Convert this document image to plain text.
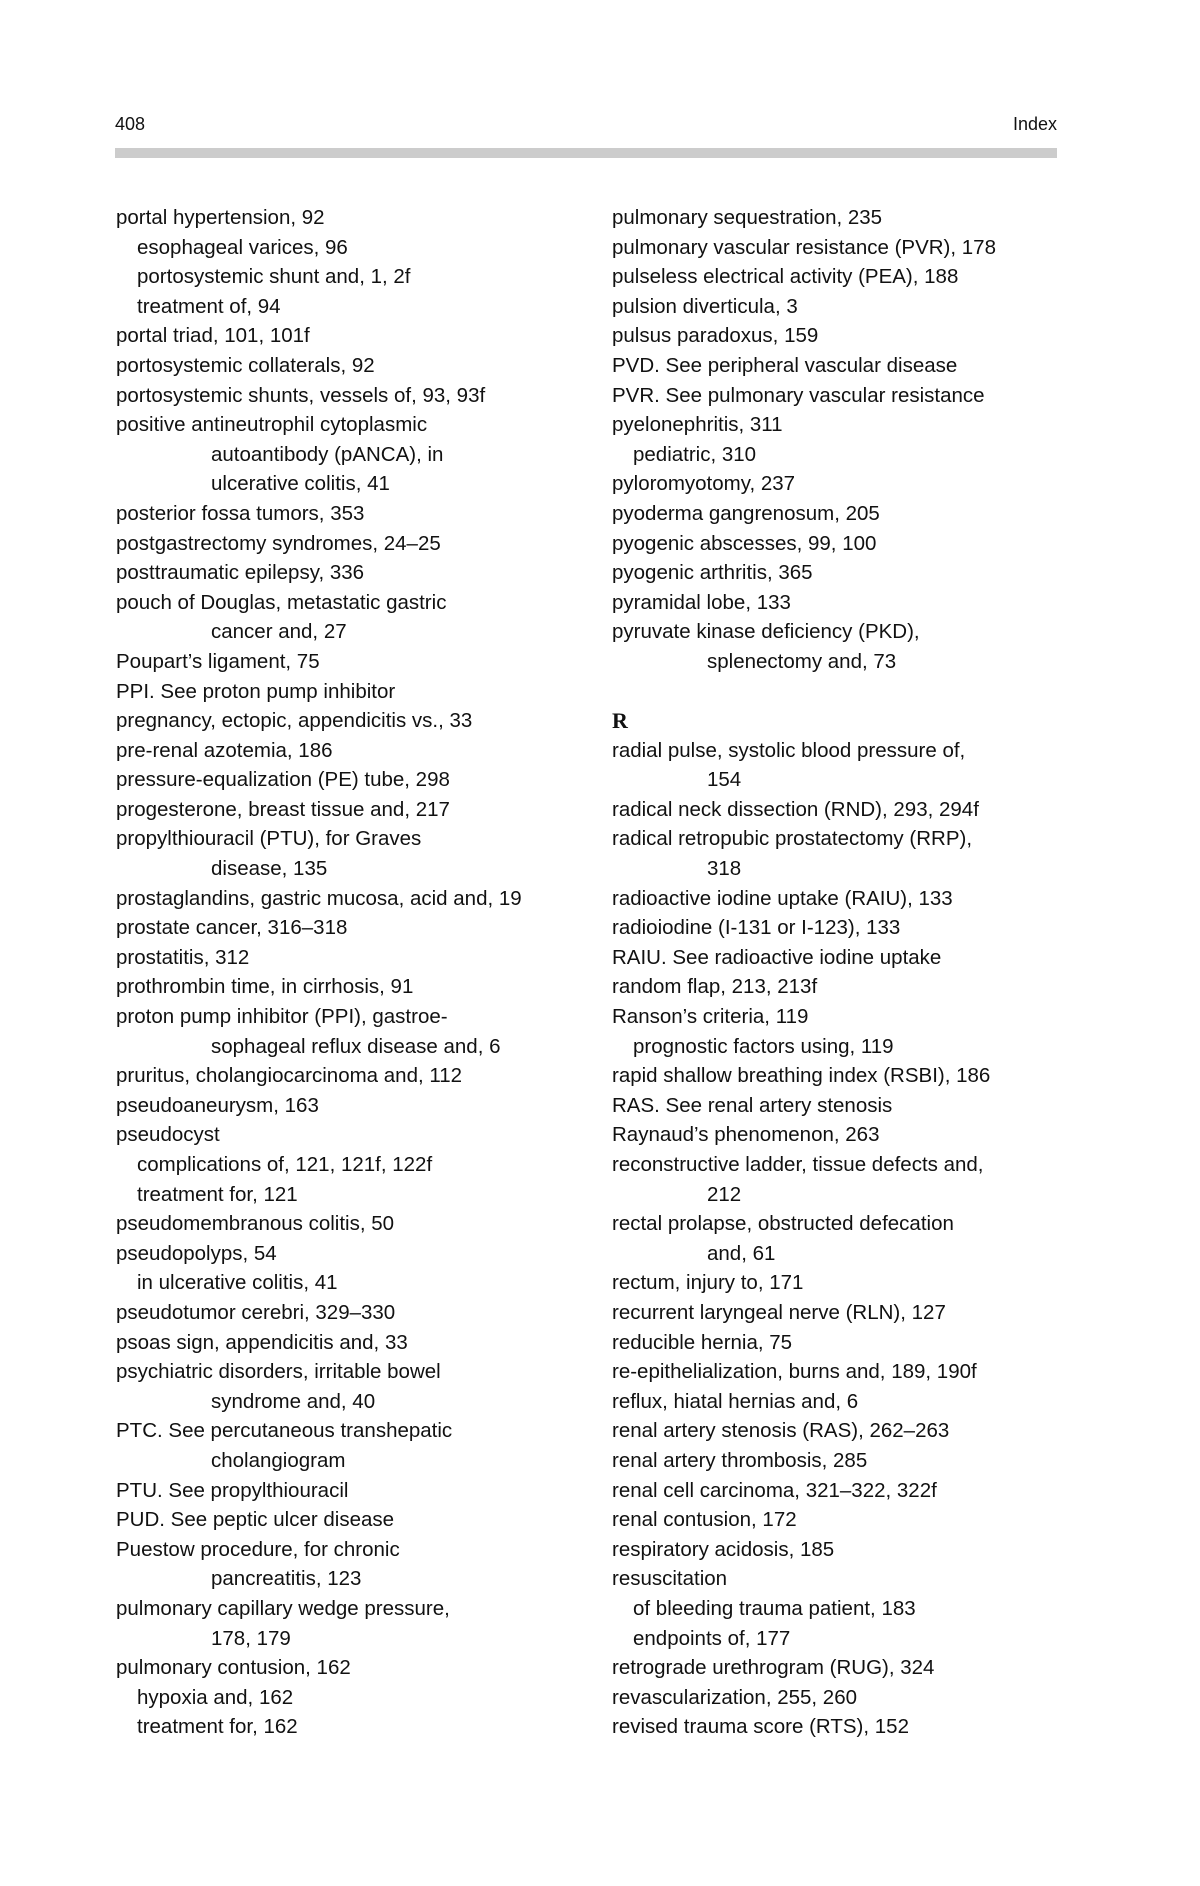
408	Index
portal hypertension, 92
esophageal varices, 96
portosystemic shunt and, 1, 2f
treatment of, 94
portal triad, 101, 101f
portosystemic collaterals, 92
portosystemic shunts, vessels of, 93, 93f
positive antineutrophil cytoplasmic
autoantibody (pANCA), in
ulcerative colitis, 41
posterior fossa tumors, 353
postgastrectomy syndromes, 24–25
posttraumatic epilepsy, 336
pouch of Douglas, metastatic gastric
cancer and, 27
Poupart’s ligament, 75
PPI. See proton pump inhibitor
pregnancy, ectopic, appendicitis vs., 33
pre-renal azotemia, 186
pressure-equalization (PE) tube, 298
progesterone, breast tissue and, 217
propylthiouracil (PTU), for Graves
disease, 135
prostaglandins, gastric mucosa, acid and, 19
prostate cancer, 316–318
prostatitis, 312
prothrombin time, in cirrhosis, 91
proton pump inhibitor (PPI), gastroe-
sophageal reflux disease and, 6
pruritus, cholangiocarcinoma and, 112
pseudoaneurysm, 163
pseudocyst
complications of, 121, 121f, 122f
treatment for, 121
pseudomembranous colitis, 50
pseudopolyps, 54
in ulcerative colitis, 41
pseudotumor cerebri, 329–330
psoas sign, appendicitis and, 33
psychiatric disorders, irritable bowel
syndrome and, 40
PTC. See percutaneous transhepatic
cholangiogram
PTU. See propylthiouracil
PUD. See peptic ulcer disease
Puestow procedure, for chronic
pancreatitis, 123
pulmonary capillary wedge pressure,
178, 179
pulmonary contusion, 162
hypoxia and, 162
treatment for, 162
pulmonary sequestration, 235
pulmonary vascular resistance (PVR), 178
pulseless electrical activity (PEA), 188
pulsion diverticula, 3
pulsus paradoxus, 159
PVD. See peripheral vascular disease
PVR. See pulmonary vascular resistance
pyelonephritis, 311
pediatric, 310
pyloromyotomy, 237
pyoderma gangrenosum, 205
pyogenic abscesses, 99, 100
pyogenic arthritis, 365
pyramidal lobe, 133
pyruvate kinase deficiency (PKD),
splenectomy and, 73
R
radial pulse, systolic blood pressure of,
154
radical neck dissection (RND), 293, 294f
radical retropubic prostatectomy (RRP),
318
radioactive iodine uptake (RAIU), 133
radioiodine (I-131 or I-123), 133
RAIU. See radioactive iodine uptake
random flap, 213, 213f
Ranson’s criteria, 119
prognostic factors using, 119
rapid shallow breathing index (RSBI), 186
RAS. See renal artery stenosis
Raynaud’s phenomenon, 263
reconstructive ladder, tissue defects and,
212
rectal prolapse, obstructed defecation
and, 61
rectum, injury to, 171
recurrent laryngeal nerve (RLN), 127
reducible hernia, 75
re-epithelialization, burns and, 189, 190f
reflux, hiatal hernias and, 6
renal artery stenosis (RAS), 262–263
renal artery thrombosis, 285
renal cell carcinoma, 321–322, 322f
renal contusion, 172
respiratory acidosis, 185
resuscitation
of bleeding trauma patient, 183
endpoints of, 177
retrograde urethrogram (RUG), 324
revascularization, 255, 260
revised trauma score (RTS), 152
